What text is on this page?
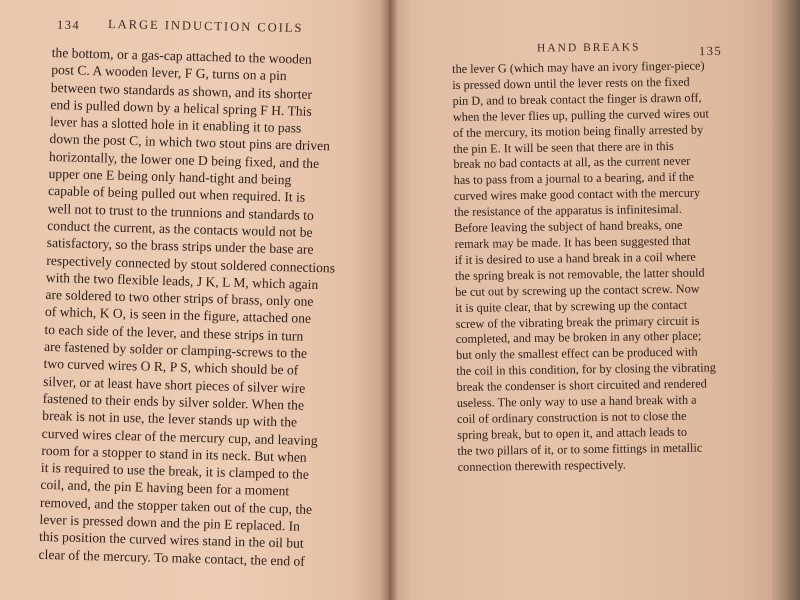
134 LARGE INDUCTION COILS
HAND BREAKS	135
the bottom, or a gas-cap attached to the wooden
post C. A wooden lever, F G, turns on a pin
between two standards as shown, and its shorter
end is pulled down by a helical spring F H. This
lever has a slotted hole in it enabling it to pass
down the post C, in which two stout pins are driven
horizontally, the lower one D being fixed, and the
upper one E being only hand-tight and being
capable of being pulled out when required. It is
well not to trust to the trunnions and standards to
conduct the current, as the contacts would not be
satisfactory, so the brass strips under the base are
respectively connected by stout soldered connections
with the two flexible leads, J K, L M, which again
are soldered to two other strips of brass, only one
of which, K O, is seen in the figure, attached one
to each side of the lever, and these strips in turn
are fastened by solder or clamping-screws to the
two curved wires O R, P S, which should be of
silver, or at least have short pieces of silver wire
fastened to their ends by silver solder. When the
break is not in use, the lever stands up with the
curved wires clear of the mercury cup, and leaving
room for a stopper to stand in its neck. But when
it is required to use the break, it is clamped to the
coil, and, the pin E having been for a moment
removed, and the stopper taken out of the cup, the
lever is pressed down and the pin E replaced. In
this position the curved wires stand in the oil but
clear of the mercury. To make contact, the end of
the lever G (which may have an ivory finger-piece)
is pressed down until the lever rests on the fixed
pin D, and to break contact the finger is drawn off,
when the lever flies up, pulling the curved wires out
of the mercury, its motion being finally arrested by
the pin E. It will be seen that there are in this
break no bad contacts at all, as the current never
has to pass from a journal to a bearing, and if the
curved wires make good contact with the mercury
the resistance of the apparatus is infinitesimal.
Before leaving the subject of hand breaks, one
remark may be made. It has been suggested that
if it is desired to use a hand break in a coil where
the spring break is not removable, the latter should
be cut out by screwing up the contact screw. Now
it is quite clear, that by screwing up the contact
screw of the vibrating break the primary circuit is
completed, and may be broken in any other place;
but only the smallest effect can be produced with
the coil in this condition, for by closing the vibrating
break the condenser is short circuited and rendered
useless. The only way to use a hand break with a
coil of ordinary construction is not to close the
spring break, but to open it, and attach leads to
the two pillars of it, or to some fittings in metallic
connection therewith respectively.
